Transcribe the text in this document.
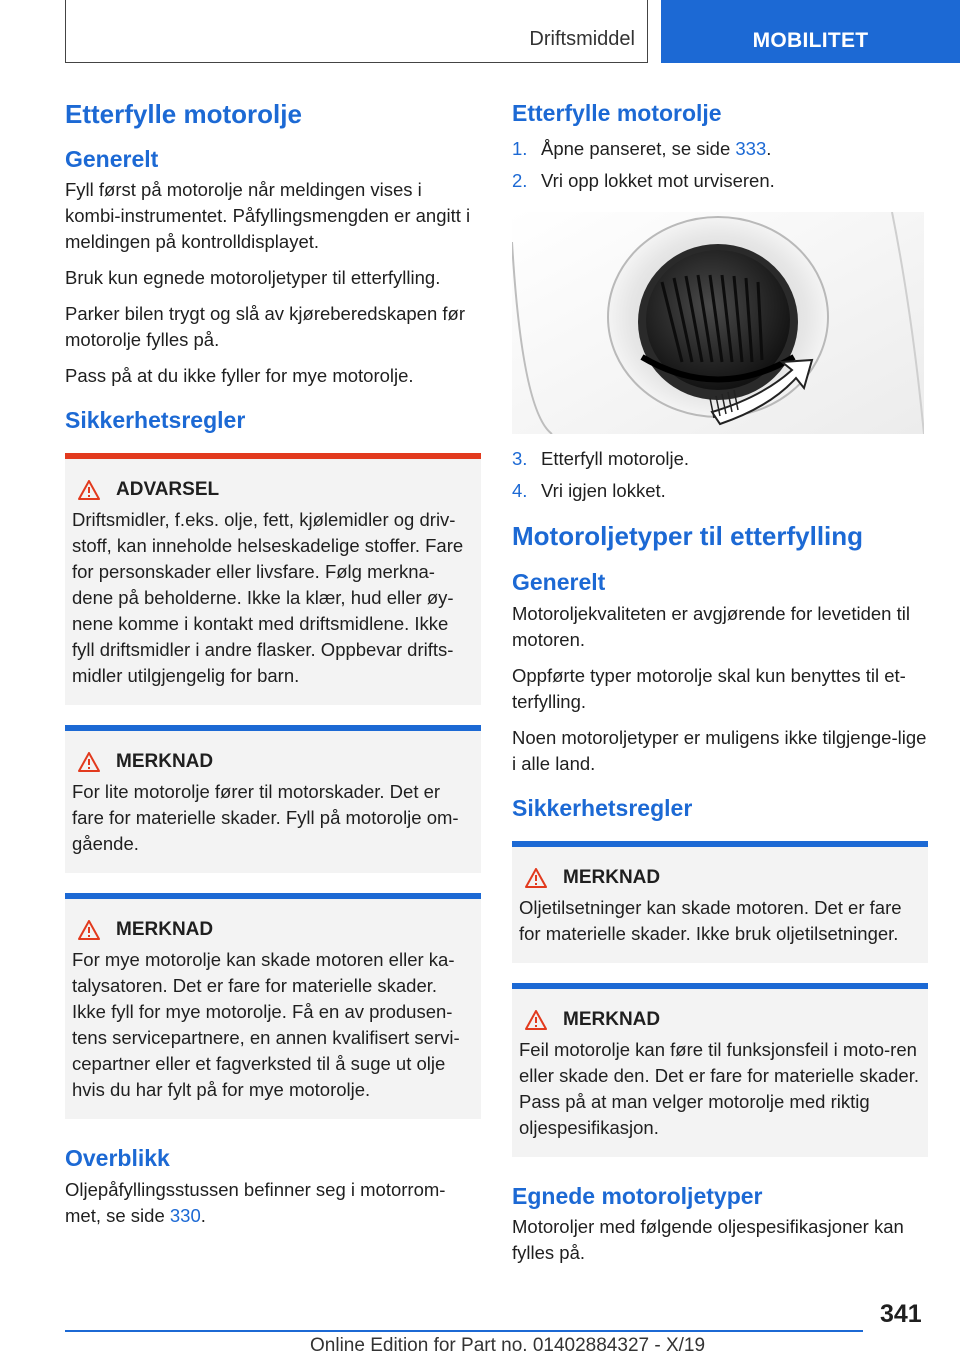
Driftsmiddel	MOBILITET
Etterfylle motorolje
Generelt

Fyll først på motorolje når meldingen vises i kombi-instrumentet. Påfyllingsmengden er angitt i meldingen på kontrolldisplayet.

Bruk kun egnede motoroljetyper til etterfylling.

Parker bilen trygt og slå av kjøreberedskapen før motorolje fylles på.

Pass på at du ikke fyller for mye motorolje.

Sikkerhetsregler
ADVARSEL

Driftsmidler, f.eks. olje, fett, kjølemidler og driv-stoff, kan inneholde helseskadelige stoffer. Fare for personskader eller livsfare. Følg merkna-dene på beholderne. Ikke la klær, hud eller øy-nene komme i kontakt med driftsmidlene. Ikke fyll driftsmidler i andre flasker. Oppbevar drifts-midler utilgjengelig for barn.

MERKNAD

For lite motorolje fører til motorskader. Det er fare for materielle skader. Fyll på motorolje om-gående.

MERKNAD

For mye motorolje kan skade motoren eller ka-talysatoren. Det er fare for materielle skader. Ikke fyll for mye motorolje. Få en av produsen-tens servicepartnere, en annen kvalifisert servi-cepartner eller et fagverksted til å suge ut olje hvis du har fylt på for mye motorolje.

Overblikk

Oljepåfyllingsstussen befinner seg i motorrom-met, se side 330.

Etterfylle motorolje
1. Åpne panseret, se side 333.
2. Vri opp lokket mot urviseren.
3. Etterfyll motorolje.
4. Vri igjen lokket.
Motoroljetyper til etterfylling
Generelt

Motoroljekvaliteten er avgjørende for levetiden til motoren.

Oppførte typer motorolje skal kun benyttes til et-terfylling.

Noen motoroljetyper er muligens ikke tilgjenge-lige i alle land.

Sikkerhetsregler
MERKNAD

Oljetilsetninger kan skade motoren. Det er fare for materielle skader. Ikke bruk oljetilsetninger.

MERKNAD

Feil motorolje kan føre til funksjonsfeil i moto-ren eller skade den. Det er fare for materielle skader. Pass på at man velger motorolje med riktig oljespesifikasjon.

Egnede motoroljetyper

Motoroljer med følgende oljespesifikasjoner kan fylles på.

341
Online Edition for Part no. 01402884327 - X/19
